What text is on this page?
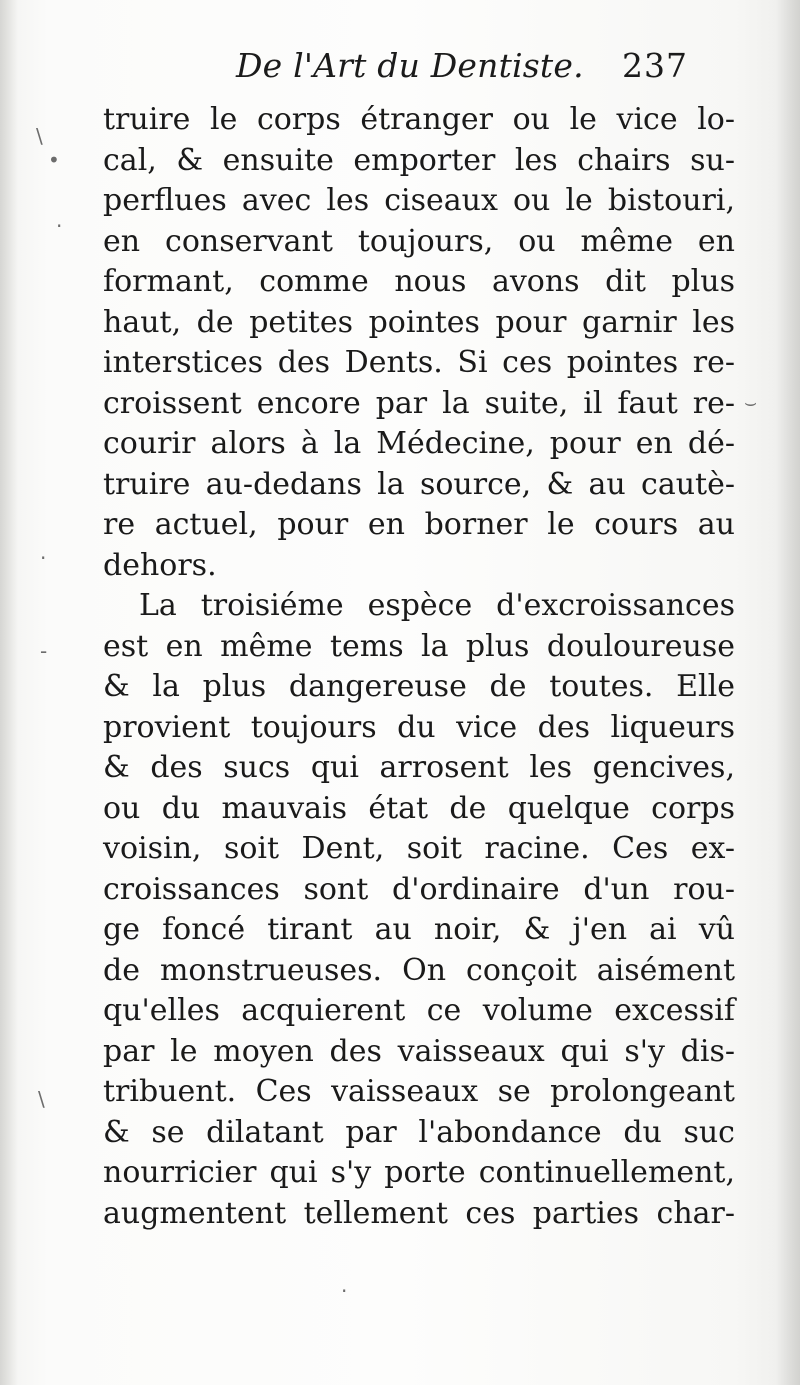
\
•
·
⌣
·
-
\
·
De l'Art du Dentiste. 237
truire le corps étranger ou le vice lo-
cal, & ensuite emporter les chairs su-
perflues avec les ciseaux ou le bistouri,
en conservant toujours, ou même en
formant, comme nous avons dit plus
haut, de petites pointes pour garnir les
interstices des Dents. Si ces pointes re-
croissent encore par la suite, il faut re-
courir alors à la Médecine, pour en dé-
truire au-dedans la source, & au cautè-
re actuel, pour en borner le cours au
dehors.
La troisiéme espèce d'excroissances
est en même tems la plus douloureuse
& la plus dangereuse de toutes. Elle
provient toujours du vice des liqueurs
& des sucs qui arrosent les gencives,
ou du mauvais état de quelque corps
voisin, soit Dent, soit racine. Ces ex-
croissances sont d'ordinaire d'un rou-
ge foncé tirant au noir, & j'en ai vû
de monstrueuses. On conçoit aisément
qu'elles acquierent ce volume excessif
par le moyen des vaisseaux qui s'y dis-
tribuent. Ces vaisseaux se prolongeant
& se dilatant par l'abondance du suc
nourricier qui s'y porte continuellement,
augmentent tellement ces parties char-
